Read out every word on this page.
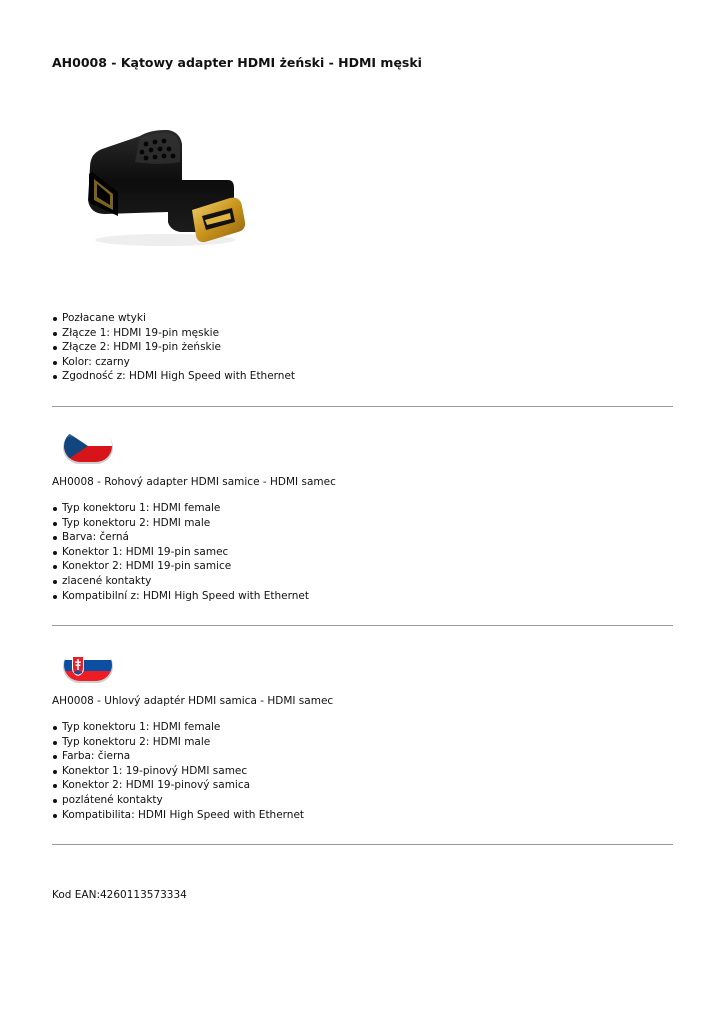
AH0008 - Kątowy adapter HDMI żeński - HDMI męski
Pozłacane wtyki
Złącze 1: HDMI 19-pin męskie
Złącze 2: HDMI 19-pin żeńskie
Kolor: czarny
Zgodność z: HDMI High Speed with Ethernet

AH0008 - Rohový adapter HDMI samice - HDMI samec

Typ konektoru 1: HDMI female
Typ konektoru 2: HDMI male
Barva: černá
Konektor 1: HDMI 19-pin samec
Konektor 2: HDMI 19-pin samice
zlacené kontakty
Kompatibilní z: HDMI High Speed with Ethernet

AH0008 - Uhlový adaptér HDMI samica - HDMI samec

Typ konektoru 1: HDMI female
Typ konektoru 2: HDMI male
Farba: čierna
Konektor 1: 19-pinový HDMI samec
Konektor 2: HDMI 19-pinový samica
pozlátené kontakty
Kompatibilita: HDMI High Speed with Ethernet

Kod EAN:4260113573334
